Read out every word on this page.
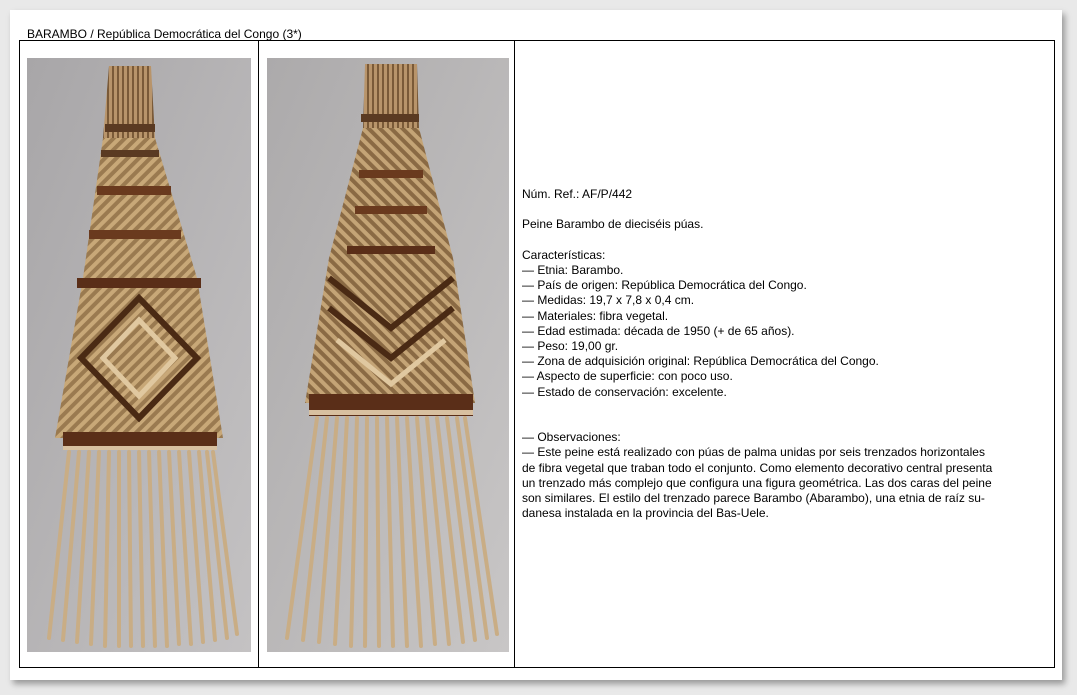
BARAMBO / República Democrática del Congo (3*)

Núm. Ref.: AF/P/442

Peine Barambo de dieciséis púas.

Características:

— Etnia: Barambo.

— País de origen: República Democrática del Congo.

— Medidas: 19,7 x 7,8 x 0,4 cm.

— Materiales: fibra vegetal.

— Edad estimada: década de 1950 (+ de 65 años).

— Peso: 19,00 gr.

— Zona de adquisición original: República Democrática del Congo.

— Aspecto de superficie: con poco uso.

— Estado de conservación: excelente.

— Observaciones:

— Este peine está realizado con púas de palma unidas por seis trenzados horizontales

de fibra vegetal que traban todo el conjunto. Como elemento decorativo central presenta

un trenzado más complejo que configura una figura geométrica. Las dos caras del peine

son similares. El estilo del trenzado parece Barambo (Abarambo), una etnia de raíz su-

danesa instalada en la provincia del Bas-Uele.
